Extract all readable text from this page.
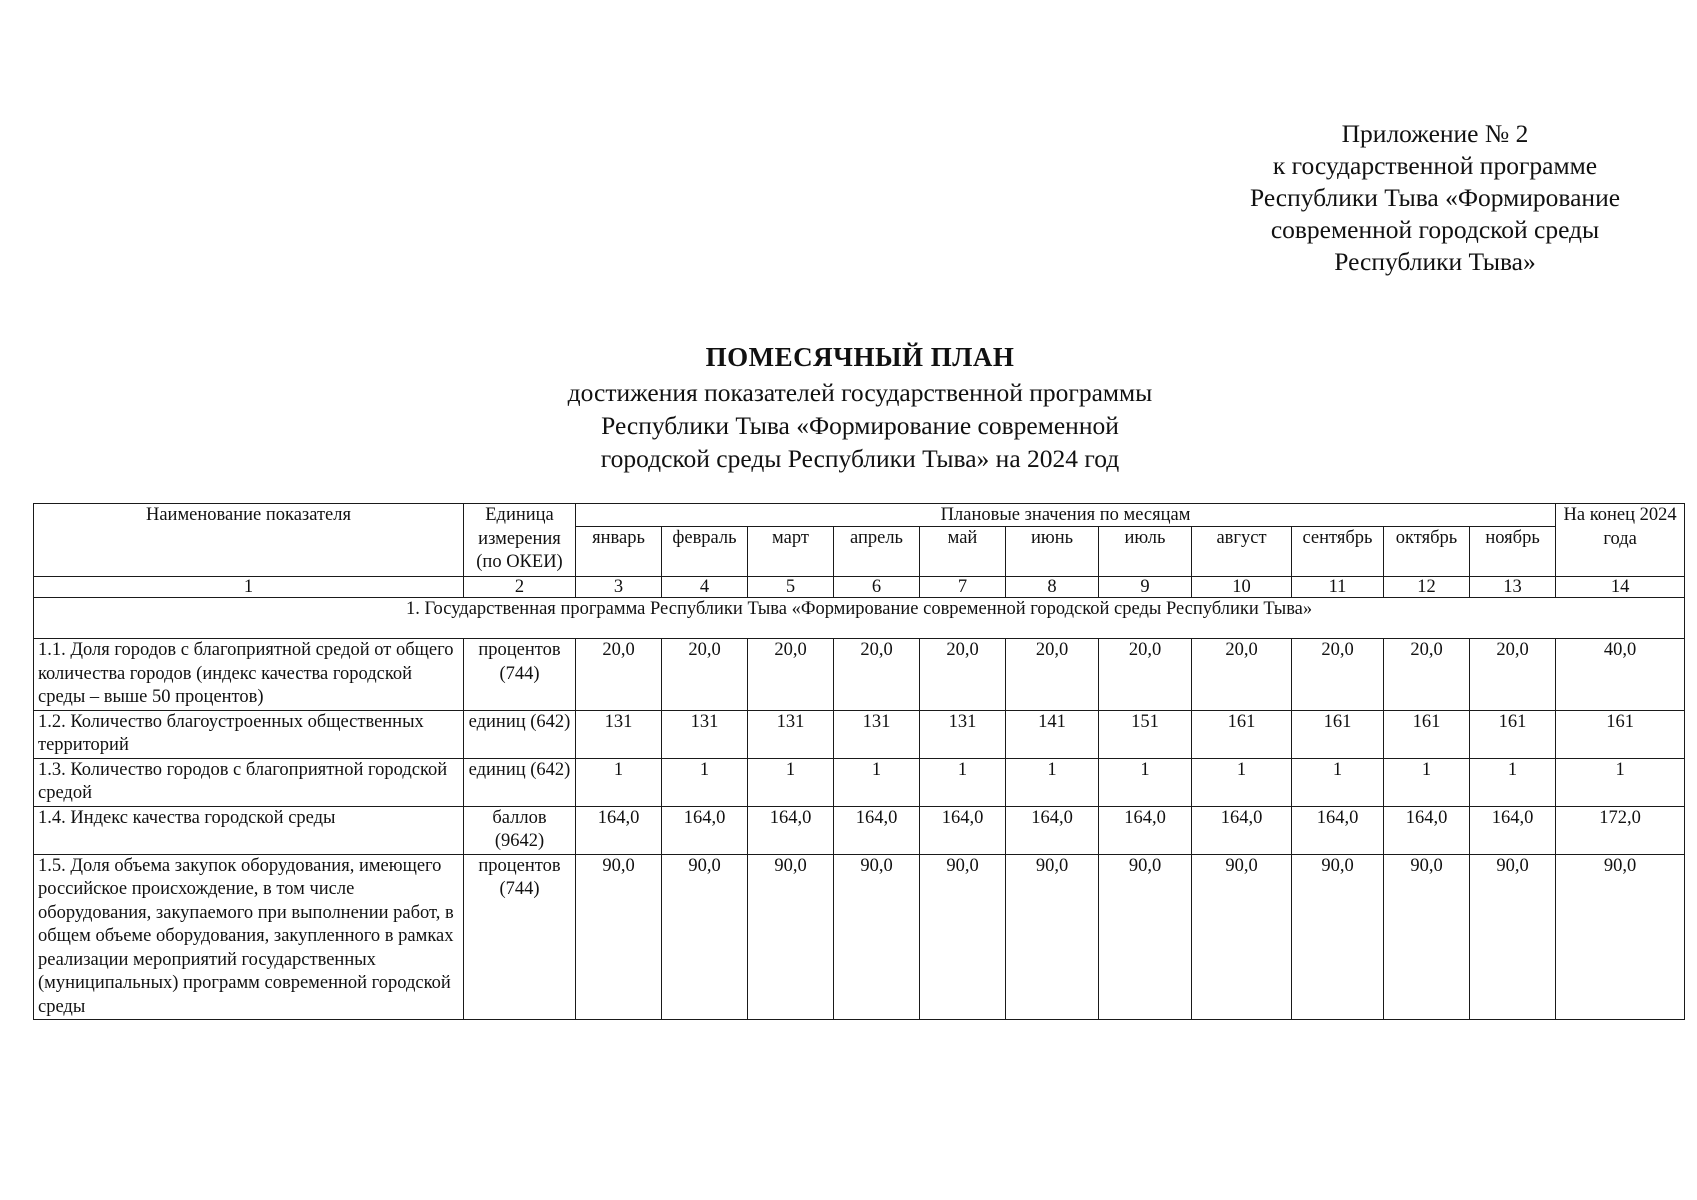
Приложение № 2
к государственной программе
Республики Тыва «Формирование
современной городской среды
Республики Тыва»
ПОМЕСЯЧНЫЙ ПЛАН
достижения показателей государственной программы
Республики Тыва «Формирование современной
городской среды Республики Тыва» на 2024 год
Наименование показателя	Единица измерения (по ОКЕИ)	Плановые значения по месяцам											На конец 2024 года
		январь	февраль	март	апрель	май	июнь	июль	август	сентябрь	октябрь	ноябрь	
1	2	3	4	5	6	7	8	9	10	11	12	13	14
1. Государственная программа Республики Тыва «Формирование современной городской среды Республики Тыва»													
1.1. Доля городов с благоприятной средой от общего количества городов (индекс качества городской среды – выше 50 процентов)	процентов (744)	20,0	20,0	20,0	20,0	20,0	20,0	20,0	20,0	20,0	20,0	20,0	40,0
1.2. Количество благоустроенных общественных территорий	единиц (642)	131	131	131	131	131	141	151	161	161	161	161	161
1.3. Количество городов с благоприятной городской средой	единиц (642)	1	1	1	1	1	1	1	1	1	1	1	1
1.4. Индекс качества городской среды	баллов (9642)	164,0	164,0	164,0	164,0	164,0	164,0	164,0	164,0	164,0	164,0	164,0	172,0
1.5. Доля объема закупок оборудования, имеющего российское происхождение, в том числе оборудования, закупаемого при выполнении работ, в общем объеме оборудования, закупленного в рамках реализации мероприятий государственных (муниципальных) программ современной городской среды	процентов (744)	90,0	90,0	90,0	90,0	90,0	90,0	90,0	90,0	90,0	90,0	90,0	90,0
